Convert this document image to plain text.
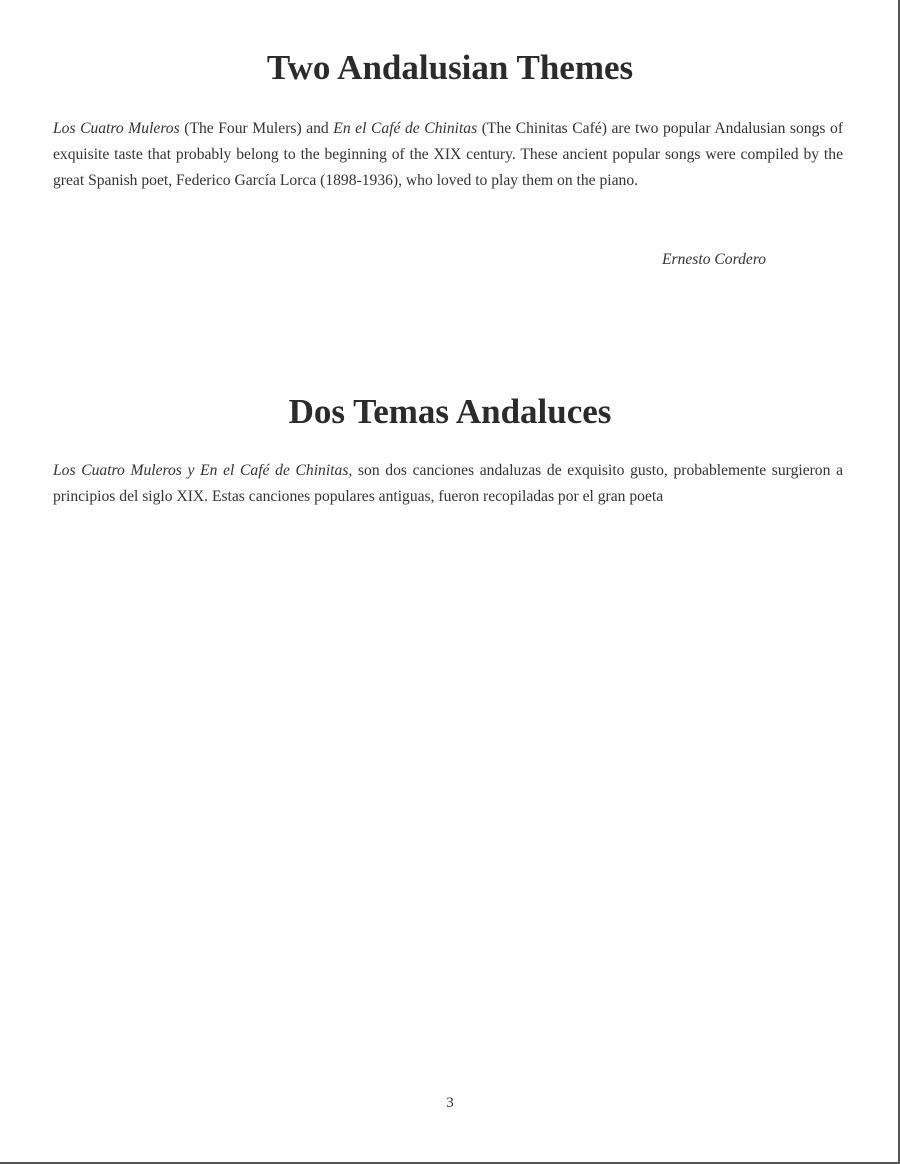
Two Andalusian Themes

Los Cuatro Muleros (The Four Mulers) and En el Café de Chinitas (The Chinitas Café) are two popular Andalusian songs of exquisite taste that probably belong to the beginning of the XIX century. These ancient popular songs were compiled by the great Spanish poet, Federico García Lorca (1898-1936), who loved to play them on the piano.

Ernesto Cordero

Dos Temas Andaluces

Los Cuatro Muleros y En el Café de Chinitas, son dos canciones andaluzas de exquisito gusto, probablemente surgieron a principios del siglo XIX. Estas canciones populares antiguas, fueron recopiladas por el gran poeta

3
